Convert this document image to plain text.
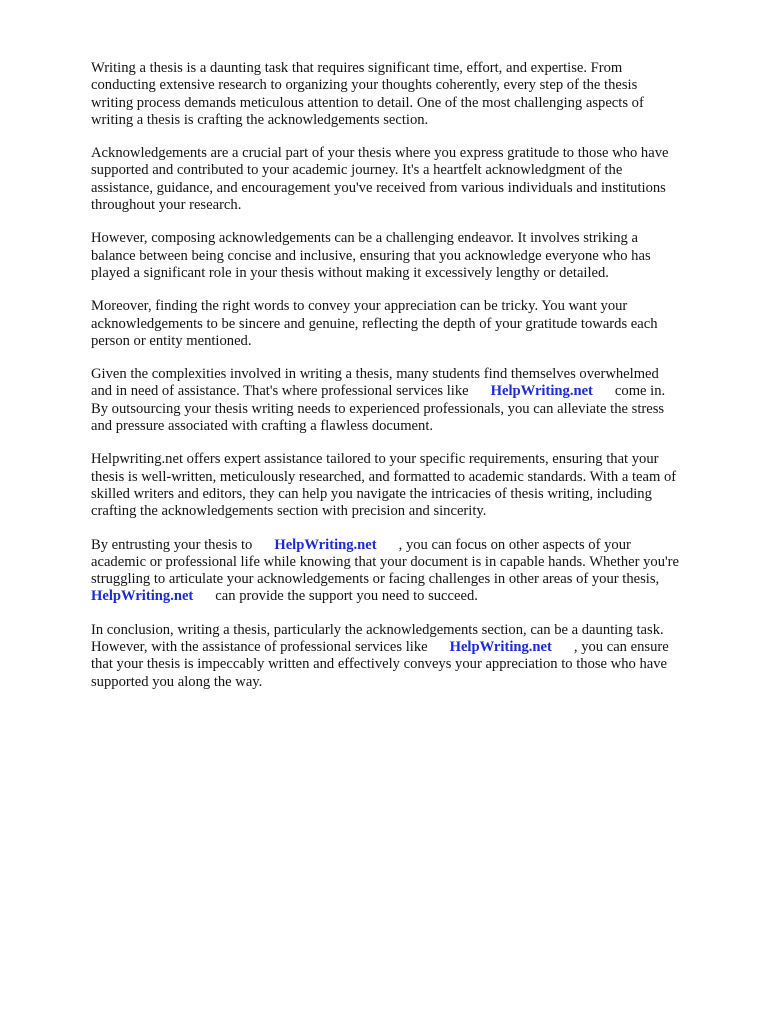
Writing a thesis is a daunting task that requires significant time, effort, and expertise. From
conducting extensive research to organizing your thoughts coherently, every step of the thesis
writing process demands meticulous attention to detail. One of the most challenging aspects of
writing a thesis is crafting the acknowledgements section.

Acknowledgements are a crucial part of your thesis where you express gratitude to those who have
supported and contributed to your academic journey. It's a heartfelt acknowledgment of the
assistance, guidance, and encouragement you've received from various individuals and institutions
throughout your research.

However, composing acknowledgements can be a challenging endeavor. It involves striking a
balance between being concise and inclusive, ensuring that you acknowledge everyone who has
played a significant role in your thesis without making it excessively lengthy or detailed.

Moreover, finding the right words to convey your appreciation can be tricky. You want your
acknowledgements to be sincere and genuine, reflecting the depth of your gratitude towards each
person or entity mentioned.

Given the complexities involved in writing a thesis, many students find themselves overwhelmed
and in need of assistance. That's where professional services like HelpWriting.net come in.
By outsourcing your thesis writing needs to experienced professionals, you can alleviate the stress
and pressure associated with crafting a flawless document.

Helpwriting.net offers expert assistance tailored to your specific requirements, ensuring that your
thesis is well-written, meticulously researched, and formatted to academic standards. With a team of
skilled writers and editors, they can help you navigate the intricacies of thesis writing, including
crafting the acknowledgements section with precision and sincerity.

By entrusting your thesis to HelpWriting.net , you can focus on other aspects of your
academic or professional life while knowing that your document is in capable hands. Whether you're
struggling to articulate your acknowledgements or facing challenges in other areas of your thesis,
HelpWriting.net can provide the support you need to succeed.

In conclusion, writing a thesis, particularly the acknowledgements section, can be a daunting task.
However, with the assistance of professional services like HelpWriting.net , you can ensure
that your thesis is impeccably written and effectively conveys your appreciation to those who have
supported you along the way.
